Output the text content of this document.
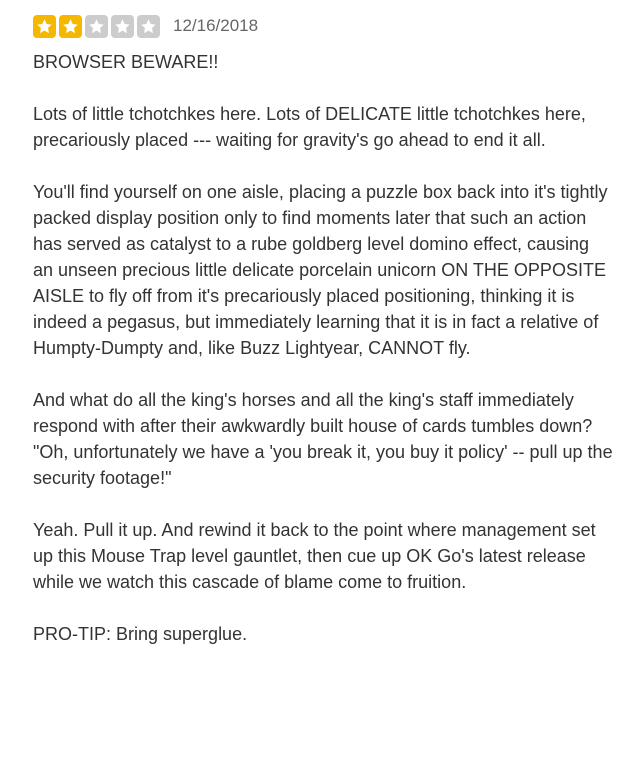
12/16/2018

BROWSER BEWARE!!

Lots of little tchotchkes here. Lots of DELICATE little tchotchkes here, precariously placed --- waiting for gravity's go ahead to end it all.

You'll find yourself on one aisle, placing a puzzle box back into it's tightly packed display position only to find moments later that such an action has served as catalyst to a rube goldberg level domino effect, causing an unseen precious little delicate porcelain unicorn ON THE OPPOSITE AISLE to fly off from it's precariously placed positioning, thinking it is indeed a pegasus, but immediately learning that it is in fact a relative of Humpty-Dumpty and, like Buzz Lightyear, CANNOT fly.

And what do all the king's horses and all the king's staff immediately respond with after their awkwardly built house of cards tumbles down? "Oh, unfortunately we have a 'you break it, you buy it policy' -- pull up the security footage!"

Yeah. Pull it up. And rewind it back to the point where management set up this Mouse Trap level gauntlet, then cue up OK Go's latest release while we watch this cascade of blame come to fruition.

PRO-TIP: Bring superglue.
